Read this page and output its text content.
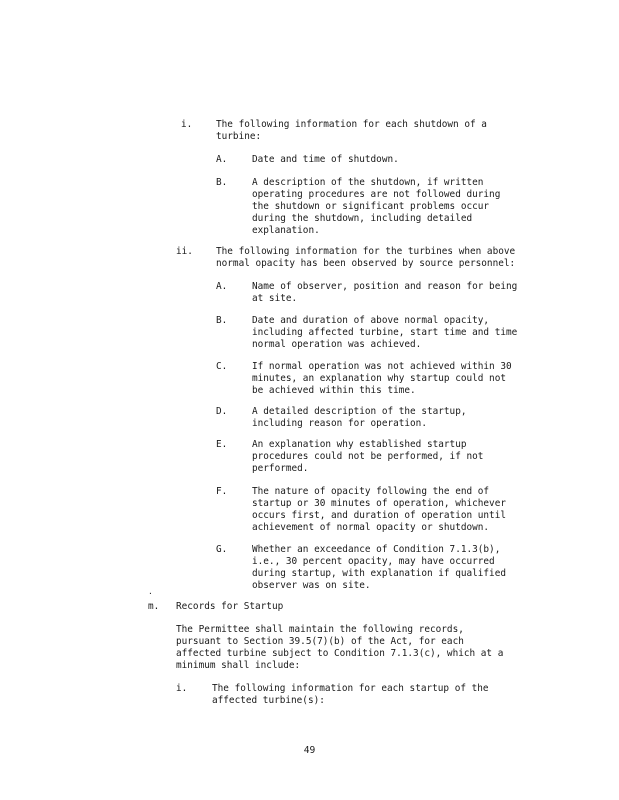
i.	The following information for each shutdown of a
turbine:
A.	Date and time of shutdown.
B.	A description of the shutdown, if written
operating procedures are not followed during
the shutdown or significant problems occur
during the shutdown, including detailed
explanation.
ii. The following information for the turbines when above
normal opacity has been observed by source personnel:
A.	Name of observer, position and reason for being
at site.
B.	Date and duration of above normal opacity,
including affected turbine, start time and time
normal operation was achieved.
C.	If normal operation was not achieved within 30
minutes, an explanation why startup could not
be achieved within this time.
D.	A detailed description of the startup,
including reason for operation.
E.	An explanation why established startup
procedures could not be performed, if not
performed.
F.	The nature of opacity following the end of
startup or 30 minutes of operation, whichever
occurs first, and duration of operation until
achievement of normal opacity or shutdown.
G.	Whether an exceedance of Condition 7.1.3(b),
i.e., 30 percent opacity, may have occurred
during startup, with explanation if qualified
observer was on site.
.
m. Records for Startup
The Permittee shall maintain the following records,
pursuant to Section 39.5(7)(b) of the Act, for each
affected turbine subject to Condition 7.1.3(c), which at a
minimum shall include:
i.	The following information for each startup of the
affected turbine(s):
49
